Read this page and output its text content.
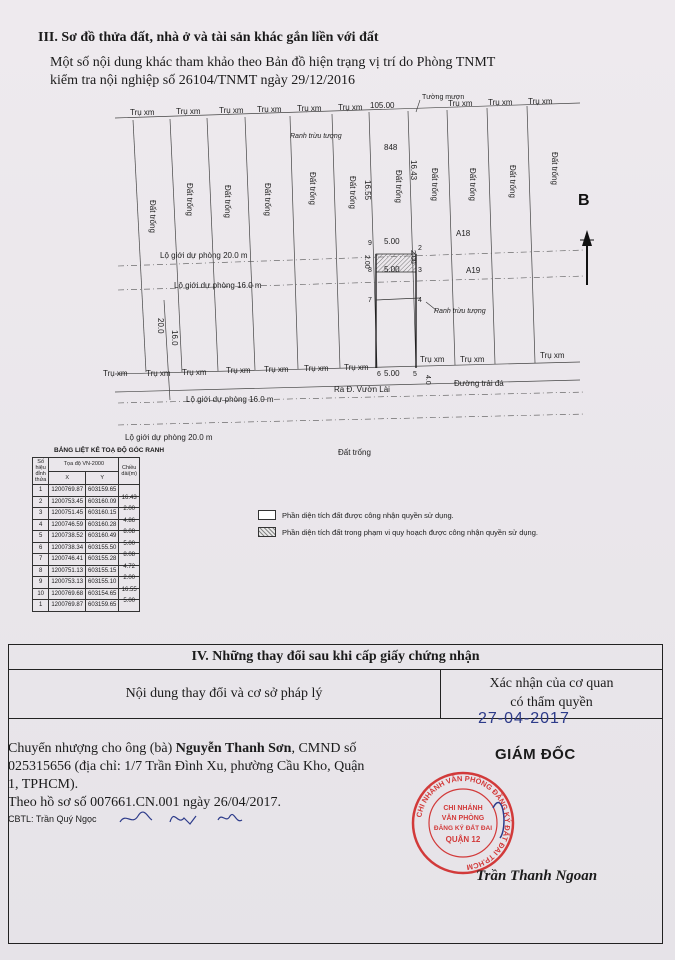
III. Sơ đồ thửa đất, nhà ở và tài sản khác gắn liền với đất
Một số nội dung khác tham khảo theo Bản đồ hiện trạng vị trí do Phòng TNMT
kiểm tra nội nghiệp số 26104/TNMT ngày 29/12/2016
Trụ xm	Trụ xm Trụ xm Trụ xm Trụ xm Trụ xm	Trụ xm Trụ xm Trụ xm
105.00
Tường mượn
Ranh trừu tượng
848
Đất trống
Đất trống	Đất trống	Đất trống	Đất trống	Đất trống	Đất trống	Đất trống	Đất trống	Đất trống	Đất trống
16.55
16.43
2.00	2.00
5.00
5.00
5.00
4.0
20.0
16.0
9
8
2
3
7	4
6	5
Ranh trừu tượng
A18
A19
Lộ giới dự phòng 20.0 m
Lộ giới dự phòng 16.0 m
Lộ giới dự phòng 16.0 m
Lộ giới dự phòng 20.0 m
Ra Đ. Vườn Lài
Đường trải đá
Đất trống
Trụ xm Trụ xm Trụ xm Trụ xm Trụ xm Trụ xm Trụ xm
Trụ xm Trụ xm	Trụ xm
B
BẢNG LIỆT KÊ TOẠ ĐỘ GÓC RANH
Số hiệu đỉnh thửa	Tọa độ VN-2000		Chiều dài(m)
	X	Y	
1	1200769.87	603159.65	16.43
2	1200753.45	603160.09	2.00
3	1200751.45	603160.15	4.86
4	1200746.59	603160.28	8.08
5	1200738.52	603160.49	5.00
6	1200738.34	603155.50	8.08
7	1200746.41	603155.28	4.72
8	1200751.13	603155.15	2.00
9	1200753.13	603155.10	16.55
10	1200769.68	603154.65	5.00
1	1200769.87	603159.65	
Phần diện tích đất được công nhận quyền sử dụng.
Phần diện tích đất trong phạm vi quy hoạch được công nhận quyền sử dụng.
IV. Những thay đổi sau khi cấp giấy chứng nhận
Nội dung thay đổi và cơ sở pháp lý
Xác nhận của cơ quan
có thẩm quyền
Chuyển nhượng cho ông (bà) Nguyễn Thanh Sơn, CMND số
025315656 (địa chỉ: 1/7 Trần Đình Xu, phường Cầu Kho, Quận
1, TPHCM).
Theo hồ sơ số 007661.CN.001 ngày 26/04/2017.
CBTL: Trần Quý Ngọc
27-04-2017
GIÁM ĐỐC
CHI NHÁNH VĂN PHÒNG ĐĂNG KÝ ĐẤT ĐAI TP.HCM
CHI NHÁNH
VĂN PHÒNG
ĐĂNG KÝ ĐẤT ĐAI
QUẬN 12
Trần Thanh Ngoan
